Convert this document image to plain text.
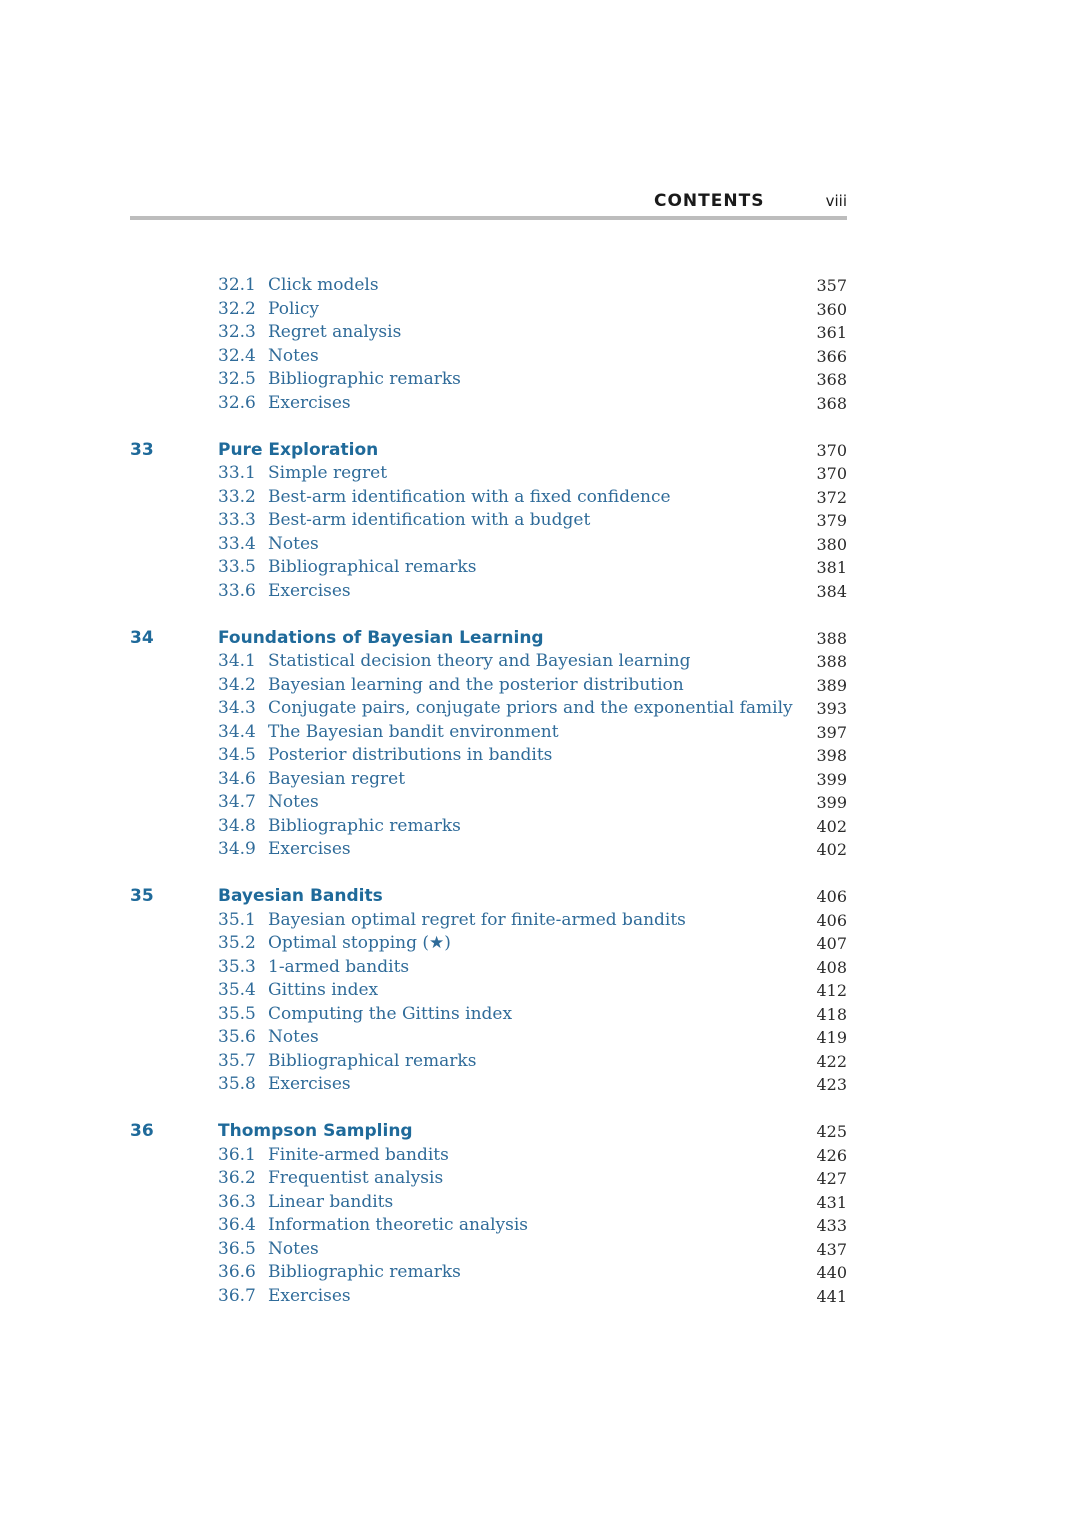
CONTENTS	viii
32.1 Click models	357
32.2 Policy	360
32.3 Regret analysis	361
32.4 Notes	366
32.5 Bibliographic remarks	368
32.6 Exercises	368
33	Pure Exploration	370
33.1 Simple regret	370
33.2 Best-arm identification with a fixed confidence	372
33.3 Best-arm identification with a budget	379
33.4 Notes	380
33.5 Bibliographical remarks	381
33.6 Exercises	384
34	Foundations of Bayesian Learning	388
34.1 Statistical decision theory and Bayesian learning	388
34.2 Bayesian learning and the posterior distribution	389
34.3 Conjugate pairs, conjugate priors and the exponential family 393
34.4 The Bayesian bandit environment	397
34.5 Posterior distributions in bandits	398
34.6 Bayesian regret	399
34.7 Notes	399
34.8 Bibliographic remarks	402
34.9 Exercises	402
35	Bayesian Bandits	406
35.1 Bayesian optimal regret for finite-armed bandits	406
35.2 Optimal stopping (★)	407
35.3 1-armed bandits	408
35.4 Gittins index	412
35.5 Computing the Gittins index	418
35.6 Notes	419
35.7 Bibliographical remarks	422
35.8 Exercises	423
36	Thompson Sampling	425
36.1 Finite-armed bandits	426
36.2 Frequentist analysis	427
36.3 Linear bandits	431
36.4 Information theoretic analysis	433
36.5 Notes	437
36.6 Bibliographic remarks	440
36.7 Exercises	441
